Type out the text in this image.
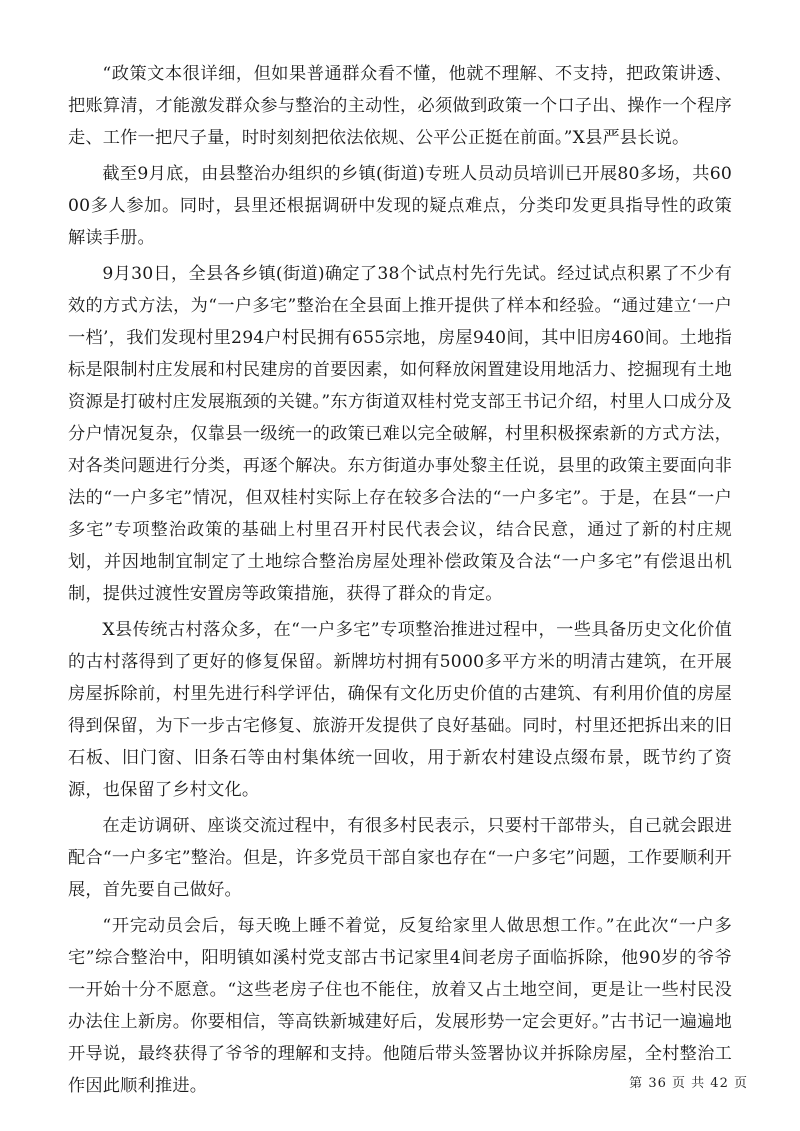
“政策文本很详细，但如果普通群众看不懂，他就不理解、不支持，把政策讲透、把账算清，才能激发群众参与整治的主动性，必须做到政策一个口子出、操作一个程序走、工作一把尺子量，时时刻刻把依法依规、公平公正挺在前面。”X县严县长说。

截至9月底，由县整治办组织的乡镇(街道)专班人员动员培训已开展80多场，共6000多人参加。同时，县里还根据调研中发现的疑点难点，分类印发更具指导性的政策解读手册。

9月30日，全县各乡镇(街道)确定了38个试点村先行先试。经过试点积累了不少有效的方式方法，为“一户多宅”整治在全县面上推开提供了样本和经验。“通过建立‘一户一档’，我们发现村里294户村民拥有655宗地，房屋940间，其中旧房460间。土地指标是限制村庄发展和村民建房的首要因素，如何释放闲置建设用地活力、挖掘现有土地资源是打破村庄发展瓶颈的关键。”东方街道双桂村党支部王书记介绍，村里人口成分及分户情况复杂，仅靠县一级统一的政策已难以完全破解，村里积极探索新的方式方法，对各类问题进行分类，再逐个解决。东方街道办事处黎主任说，县里的政策主要面向非法的“一户多宅”情况，但双桂村实际上存在较多合法的“一户多宅”。于是，在县“一户多宅”专项整治政策的基础上村里召开村民代表会议，结合民意，通过了新的村庄规划，并因地制宜制定了土地综合整治房屋处理补偿政策及合法“一户多宅”有偿退出机制，提供过渡性安置房等政策措施，获得了群众的肯定。

X县传统古村落众多，在“一户多宅”专项整治推进过程中，一些具备历史文化价值的古村落得到了更好的修复保留。新牌坊村拥有5000多平方米的明清古建筑，在开展房屋拆除前，村里先进行科学评估，确保有文化历史价值的古建筑、有利用价值的房屋得到保留，为下一步古宅修复、旅游开发提供了良好基础。同时，村里还把拆出来的旧石板、旧门窗、旧条石等由村集体统一回收，用于新农村建设点缀布景，既节约了资源，也保留了乡村文化。

在走访调研、座谈交流过程中，有很多村民表示，只要村干部带头，自己就会跟进配合“一户多宅”整治。但是，许多党员干部自家也存在“一户多宅”问题，工作要顺利开展，首先要自己做好。

“开完动员会后，每天晚上睡不着觉，反复给家里人做思想工作。”在此次“一户多宅”综合整治中，阳明镇如溪村党支部古书记家里4间老房子面临拆除，他90岁的爷爷一开始十分不愿意。“这些老房子住也不能住，放着又占土地空间，更是让一些村民没办法住上新房。你要相信，等高铁新城建好后，发展形势一定会更好。”古书记一遍遍地开导说，最终获得了爷爷的理解和支持。他随后带头签署协议并拆除房屋，全村整治工作因此顺利推进。	第 36 页 共 42 页
